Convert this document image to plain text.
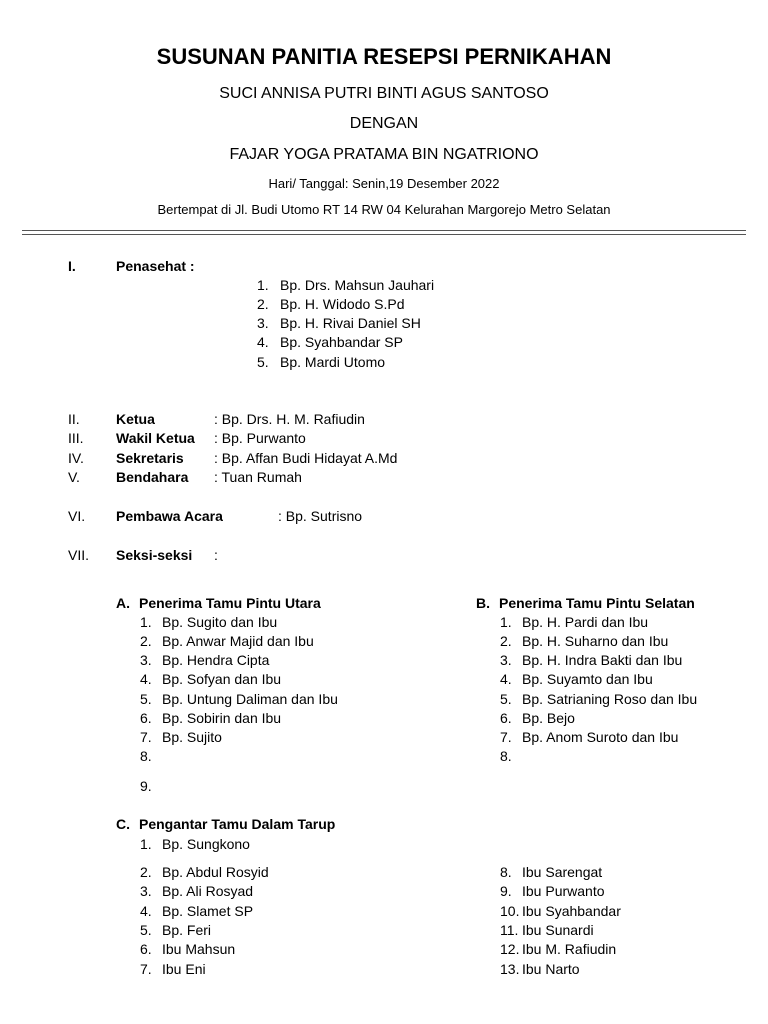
SUSUNAN PANITIA RESEPSI PERNIKAHAN
SUCI ANNISA PUTRI BINTI AGUS SANTOSO
DENGAN
FAJAR YOGA PRATAMA BIN NGATRIONO
Hari/ Tanggal: Senin,19 Desember 2022
Bertempat di Jl. Budi Utomo RT 14 RW 04 Kelurahan Margorejo Metro Selatan
I.	Penasehat :
1. Bp. Drs. Mahsun Jauhari
2. Bp. H. Widodo S.Pd
3. Bp. H. Rivai Daniel SH
4. Bp. Syahbandar SP
5. Bp. Mardi Utomo
II.	Ketua	: Bp. Drs. H. M. Rafiudin
III. Wakil Ketua : Bp. Purwanto
IV. Sekretaris : Bp. Affan Budi Hidayat A.Md
V.	Bendahara : Tuan Rumah
VI. Pembawa Acara	: Bp. Sutrisno
VII. Seksi-seksi :
A. Penerima Tamu Pintu Utara
1. Bp. Sugito dan Ibu
2. Bp. Anwar Majid dan Ibu
3. Bp. Hendra Cipta
4. Bp. Sofyan dan Ibu
5. Bp. Untung Daliman dan Ibu
6. Bp. Sobirin dan Ibu
7. Bp. Sujito
8.
9.
B. Penerima Tamu Pintu Selatan
1. Bp. H. Pardi dan Ibu
2. Bp. H. Suharno dan Ibu
3. Bp. H. Indra Bakti dan Ibu
4. Bp. Suyamto dan Ibu
5. Bp. Satrianing Roso dan Ibu
6. Bp. Bejo
7. Bp. Anom Suroto dan Ibu
8.
C. Pengantar Tamu Dalam Tarup
1. Bp. Sungkono
2. Bp. Abdul Rosyid
3. Bp. Ali Rosyad
4. Bp. Slamet SP
5. Bp. Feri
6. Ibu Mahsun
7. Ibu Eni
8. Ibu Sarengat
9. Ibu Purwanto
10. Ibu Syahbandar
11. Ibu Sunardi
12. Ibu M. Rafiudin
13. Ibu Narto
